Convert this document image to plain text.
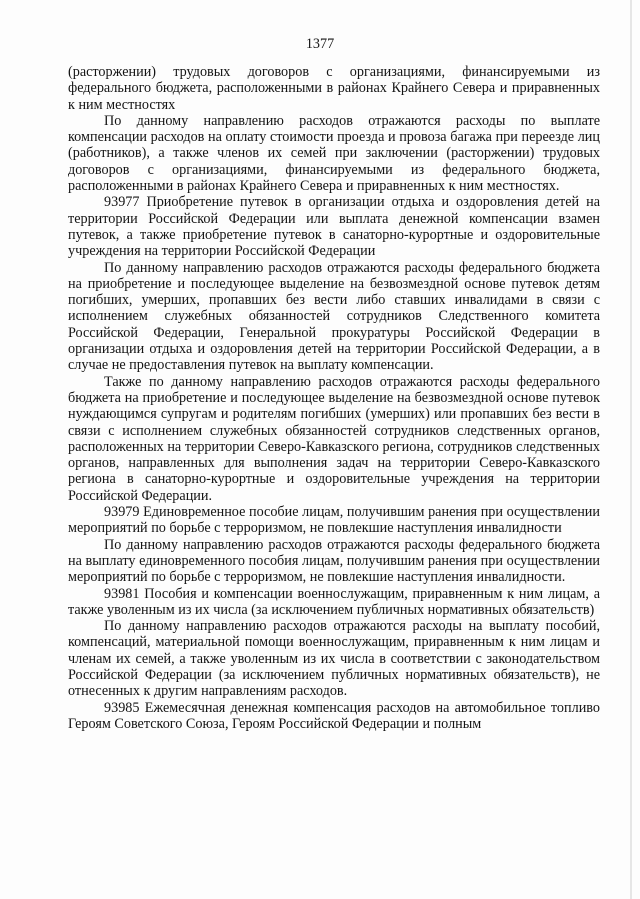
1377

(расторжении) трудовых договоров с организациями, финансируемыми из федерального бюджета, расположенными в районах Крайнего Севера и приравненных к ним местностях

По данному направлению расходов отражаются расходы по выплате компенсации расходов на оплату стоимости проезда и провоза багажа при переезде лиц (работников), а также членов их семей при заключении (расторжении) трудовых договоров с организациями, финансируемыми из федерального бюджета, расположенными в районах Крайнего Севера и приравненных к ним местностях.

93977 Приобретение путевок в организации отдыха и оздоровления детей на территории Российской Федерации или выплата денежной компенсации взамен путевок, а также приобретение путевок в санаторно-курортные и оздоровительные учреждения на территории Российской Федерации

По данному направлению расходов отражаются расходы федерального бюджета на приобретение и последующее выделение на безвозмездной основе путевок детям погибших, умерших, пропавших без вести либо ставших инвалидами в связи с исполнением служебных обязанностей сотрудников Следственного комитета Российской Федерации, Генеральной прокуратуры Российской Федерации в организации отдыха и оздоровления детей на территории Российской Федерации, а в случае не предоставления путевок на выплату компенсации.

Также по данному направлению расходов отражаются расходы федерального бюджета на приобретение и последующее выделение на безвозмездной основе путевок нуждающимся супругам и родителям погибших (умерших) или пропавших без вести в связи с исполнением служебных обязанностей сотрудников следственных органов, расположенных на территории Северо-Кавказского региона, сотрудников следственных органов, направленных для выполнения задач на территории Северо-Кавказского региона в санаторно-курортные и оздоровительные учреждения на территории Российской Федерации.

93979 Единовременное пособие лицам, получившим ранения при осуществлении мероприятий по борьбе с терроризмом, не повлекшие наступления инвалидности

По данному направлению расходов отражаются расходы федерального бюджета на выплату единовременного пособия лицам, получившим ранения при осуществлении мероприятий по борьбе с терроризмом, не повлекшие наступления инвалидности.

93981 Пособия и компенсации военнослужащим, приравненным к ним лицам, а также уволенным из их числа (за исключением публичных нормативных обязательств)

По данному направлению расходов отражаются расходы на выплату пособий, компенсаций, материальной помощи военнослужащим, приравненным к ним лицам и членам их семей, а также уволенным из их числа в соответствии с законодательством Российской Федерации (за исключением публичных нормативных обязательств), не отнесенных к другим направлениям расходов.

93985 Ежемесячная денежная компенсация расходов на автомобильное топливо Героям Советского Союза, Героям Российской Федерации и полным
